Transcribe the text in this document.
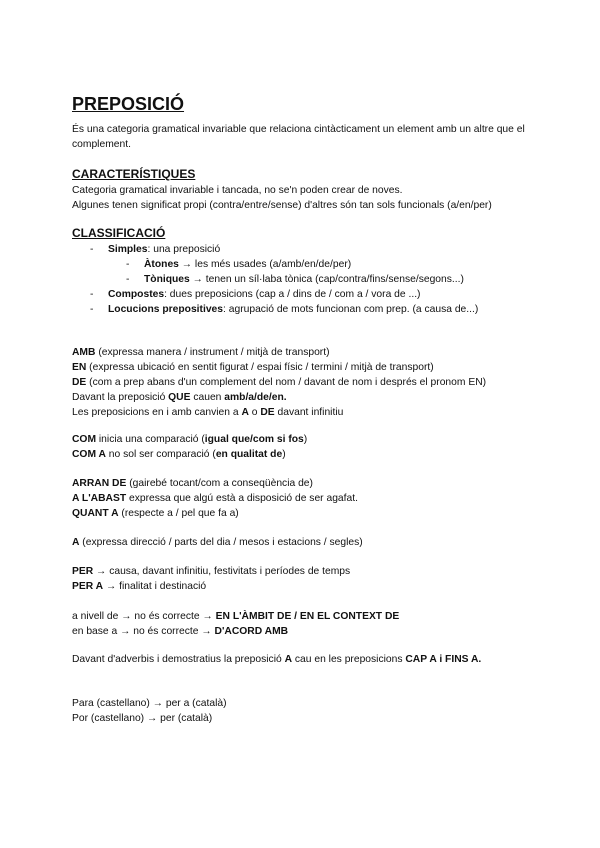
PREPOSICIÓ

És una categoria gramatical invariable que relaciona cintàcticament un element amb un altre que el complement.

CARACTERÍSTIQUES

Categoria gramatical invariable i tancada, no se'n poden crear de noves.

Algunes tenen significat propi (contra/entre/sense) d'altres són tan sols funcionals (a/en/per)

CLASSIFICACIÓ
- Simples: una preposició
- Àtones → les més usades (a/amb/en/de/per)
- Tòniques → tenen un síl·laba tònica (cap/contra/fins/sense/segons...)
- Compostes: dues preposicions (cap a / dins de / com a / vora de ...)
- Locucions prepositives: agrupació de mots funcionan com prep. (a causa de...)

AMB (expressa manera / instrument / mitjà de transport)

EN (expressa ubicació en sentit figurat / espai físic / termini / mitjà de transport)

DE (com a prep abans d'un complement del nom / davant de nom i després el pronom EN)

Davant la preposició QUE cauen amb/a/de/en.

Les preposicions en i amb canvien a A o DE davant infinitiu

COM inicia una comparació (igual que/com si fos)

COM A no sol ser comparació (en qualitat de)

ARRAN DE (gairebé tocant/com a conseqüència de)

A L'ABAST expressa que algú està a disposició de ser agafat.

QUANT A (respecte a / pel que fa a)

A (expressa direcció / parts del dia / mesos i estacions / segles)

PER → causa, davant infinitiu, festivitats i períodes de temps

PER A → finalitat i destinació

a nivell de → no és correcte → EN L'ÀMBIT DE / EN EL CONTEXT DE

en base a → no és correcte → D'ACORD AMB

Davant d'adverbis i demostratius la preposició A cau en les preposicions CAP A i FINS A.

Para (castellano) → per a (català)

Por (castellano) → per (català)
